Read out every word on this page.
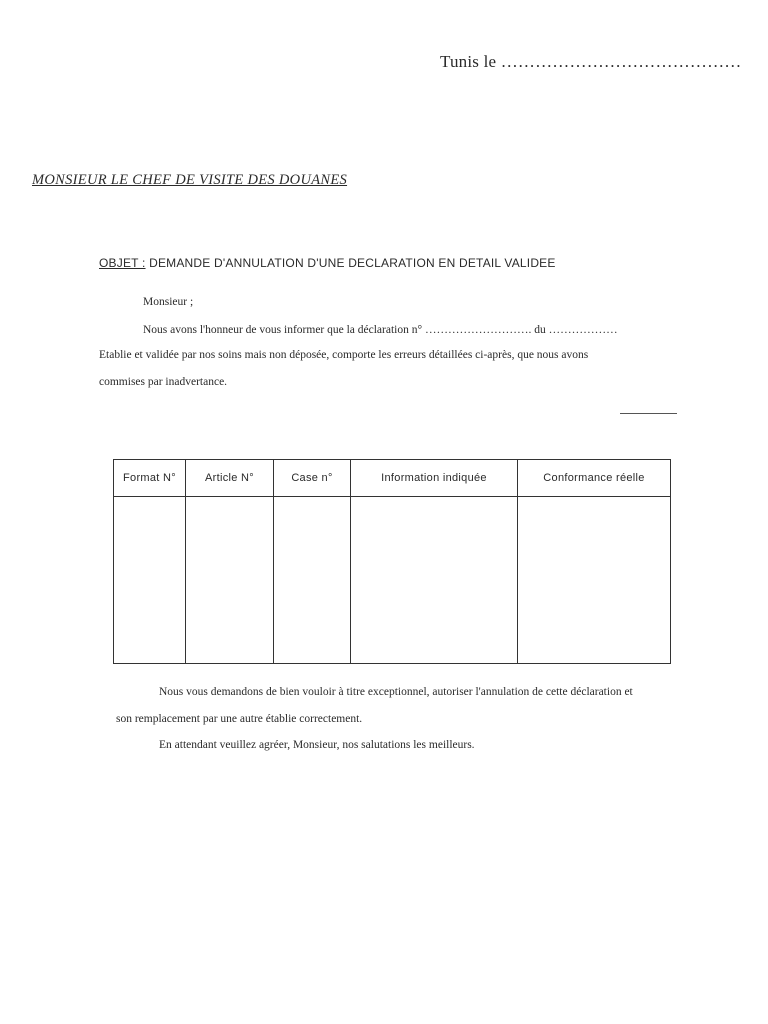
Tunis le ……………………………………
MONSIEUR LE CHEF DE VISITE DES DOUANES
OBJET : DEMANDE D'ANNULATION D'UNE DECLARATION EN DETAIL VALIDEE
Monsieur ;
Nous avons l'honneur de vous informer que la déclaration n° ………………………. du ………………
Etablie et validée par nos soins mais non déposée, comporte les erreurs détaillées ci-après, que nous avons
commises par inadvertance.
Format N°	Article N°	Case n°	Information indiquée	Conformance réelle

Nous vous demandons de bien vouloir à titre exceptionnel, autoriser l'annulation de cette déclaration et
son remplacement par une autre établie correctement.
En attendant veuillez agréer, Monsieur, nos salutations les meilleurs.
